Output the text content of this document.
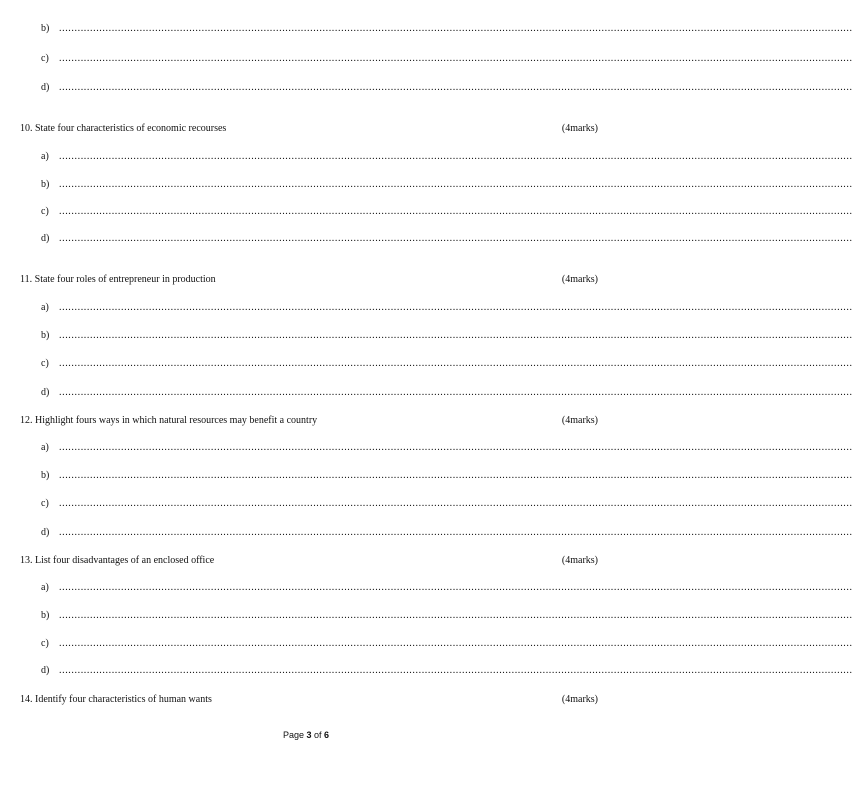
b) ................................................................................................................................................................................................................................................................
c) ................................................................................................................................................................................................................................................................
d) ................................................................................................................................................................................................................................................................
10. State four characteristics of economic recourses	(4marks)
a) ................................................................................................................................................................................................................................................................
b) ................................................................................................................................................................................................................................................................
c) ................................................................................................................................................................................................................................................................
d) ................................................................................................................................................................................................................................................................
11. State four roles of entrepreneur in production	(4marks)
a) ................................................................................................................................................................................................................................................................
b) ................................................................................................................................................................................................................................................................
c) ................................................................................................................................................................................................................................................................
d) ................................................................................................................................................................................................................................................................
12. Highlight fours ways in which natural resources may benefit a country	(4marks)
a) ................................................................................................................................................................................................................................................................
b) ................................................................................................................................................................................................................................................................
c) ................................................................................................................................................................................................................................................................
d) ................................................................................................................................................................................................................................................................
13. List four disadvantages of an enclosed office	(4marks)
a) ................................................................................................................................................................................................................................................................
b) ................................................................................................................................................................................................................................................................
c) ................................................................................................................................................................................................................................................................
d) ................................................................................................................................................................................................................................................................
14. Identify four characteristics of human wants	(4marks)
Page 3 of 6
